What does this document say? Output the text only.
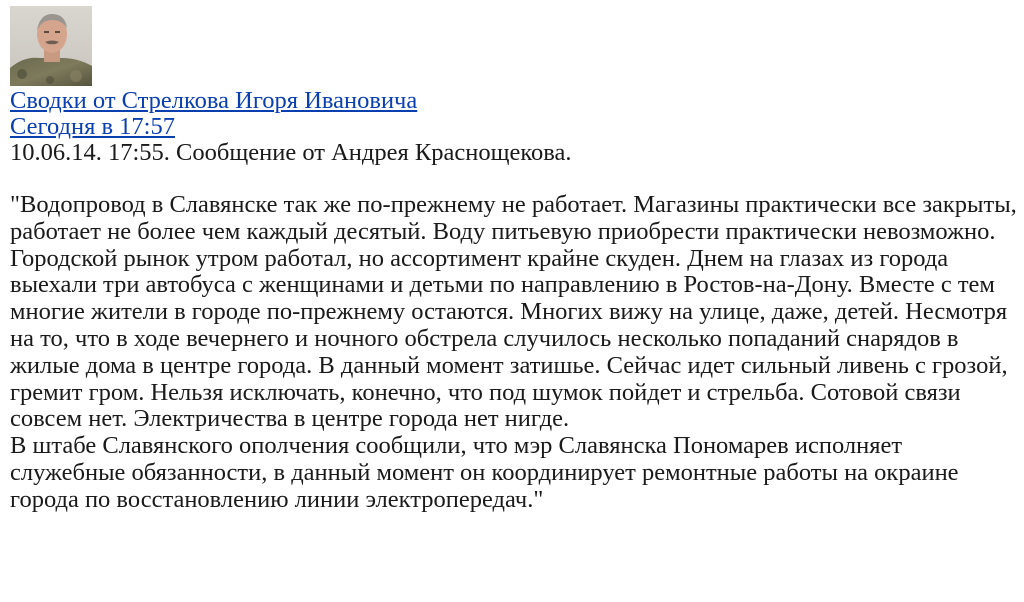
Сводки от Стрелкова Игоря Ивановича
Сегодня в 17:57
10.06.14. 17:55. Сообщение от Андрея Краснощекова.

"Водопровод в Славянске так же по-прежнему не работает. Магазины практически все закрыты, работает не более чем каждый десятый. Воду питьевую приобрести практически невозможно. Городской рынок утром работал, но ассортимент крайне скуден. Днем на глазах из города выехали три автобуса с женщинами и детьми по направлению в Ростов-на-Дону. Вместе с тем многие жители в городе по-прежнему остаются. Многих вижу на улице, даже, детей. Несмотря на то, что в ходе вечернего и ночного обстрела случилось несколько попаданий снарядов в жилые дома в центре города. В данный момент затишье. Сейчас идет сильный ливень с грозой, гремит гром. Нельзя исключать, конечно, что под шумок пойдет и стрельба. Сотовой связи совсем нет. Электричества в центре города нет нигде.

В штабе Славянского ополчения сообщили, что мэр Славянска Пономарев исполняет служебные обязанности, в данный момент он координирует ремонтные работы на окраине города по восстановлению линии электропередач."
